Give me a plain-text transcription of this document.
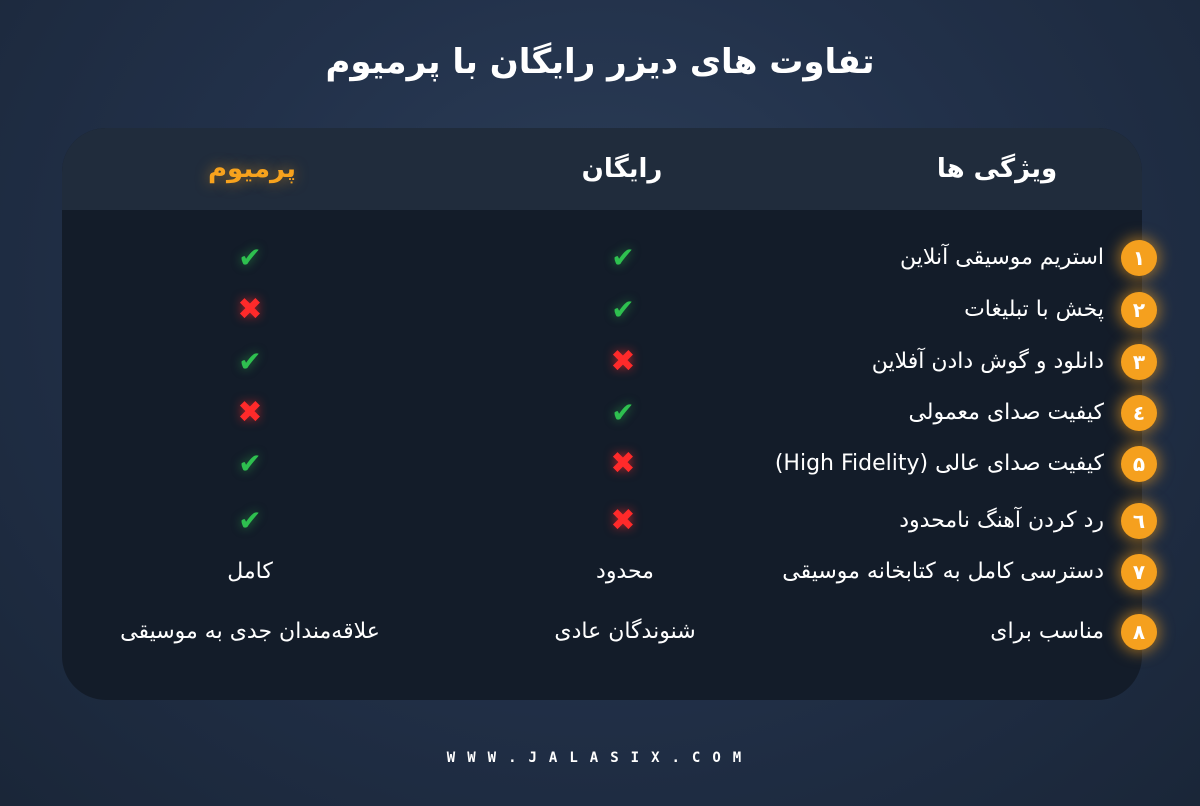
تفاوت های دیزر رایگان با پرمیوم
ویژگی ها
رایگان
پرمیوم
۱
استریم موسیقی آنلاین
✔
✔
۲
پخش با تبلیغات
✔
✖
۳
دانلود و گوش دادن آفلاین
✖
✔
٤
کیفیت صدای معمولی
✔
✖
۵
کیفیت صدای عالی (High Fidelity)
✖
✔
٦
رد کردن آهنگ نامحدود
✖
✔
۷
دسترسی کامل به کتابخانه موسیقی
محدود
کامل
۸
مناسب برای
شنوندگان عادی
علاقه‌مندان جدی به موسیقی
WWW.JALASIX.COM
